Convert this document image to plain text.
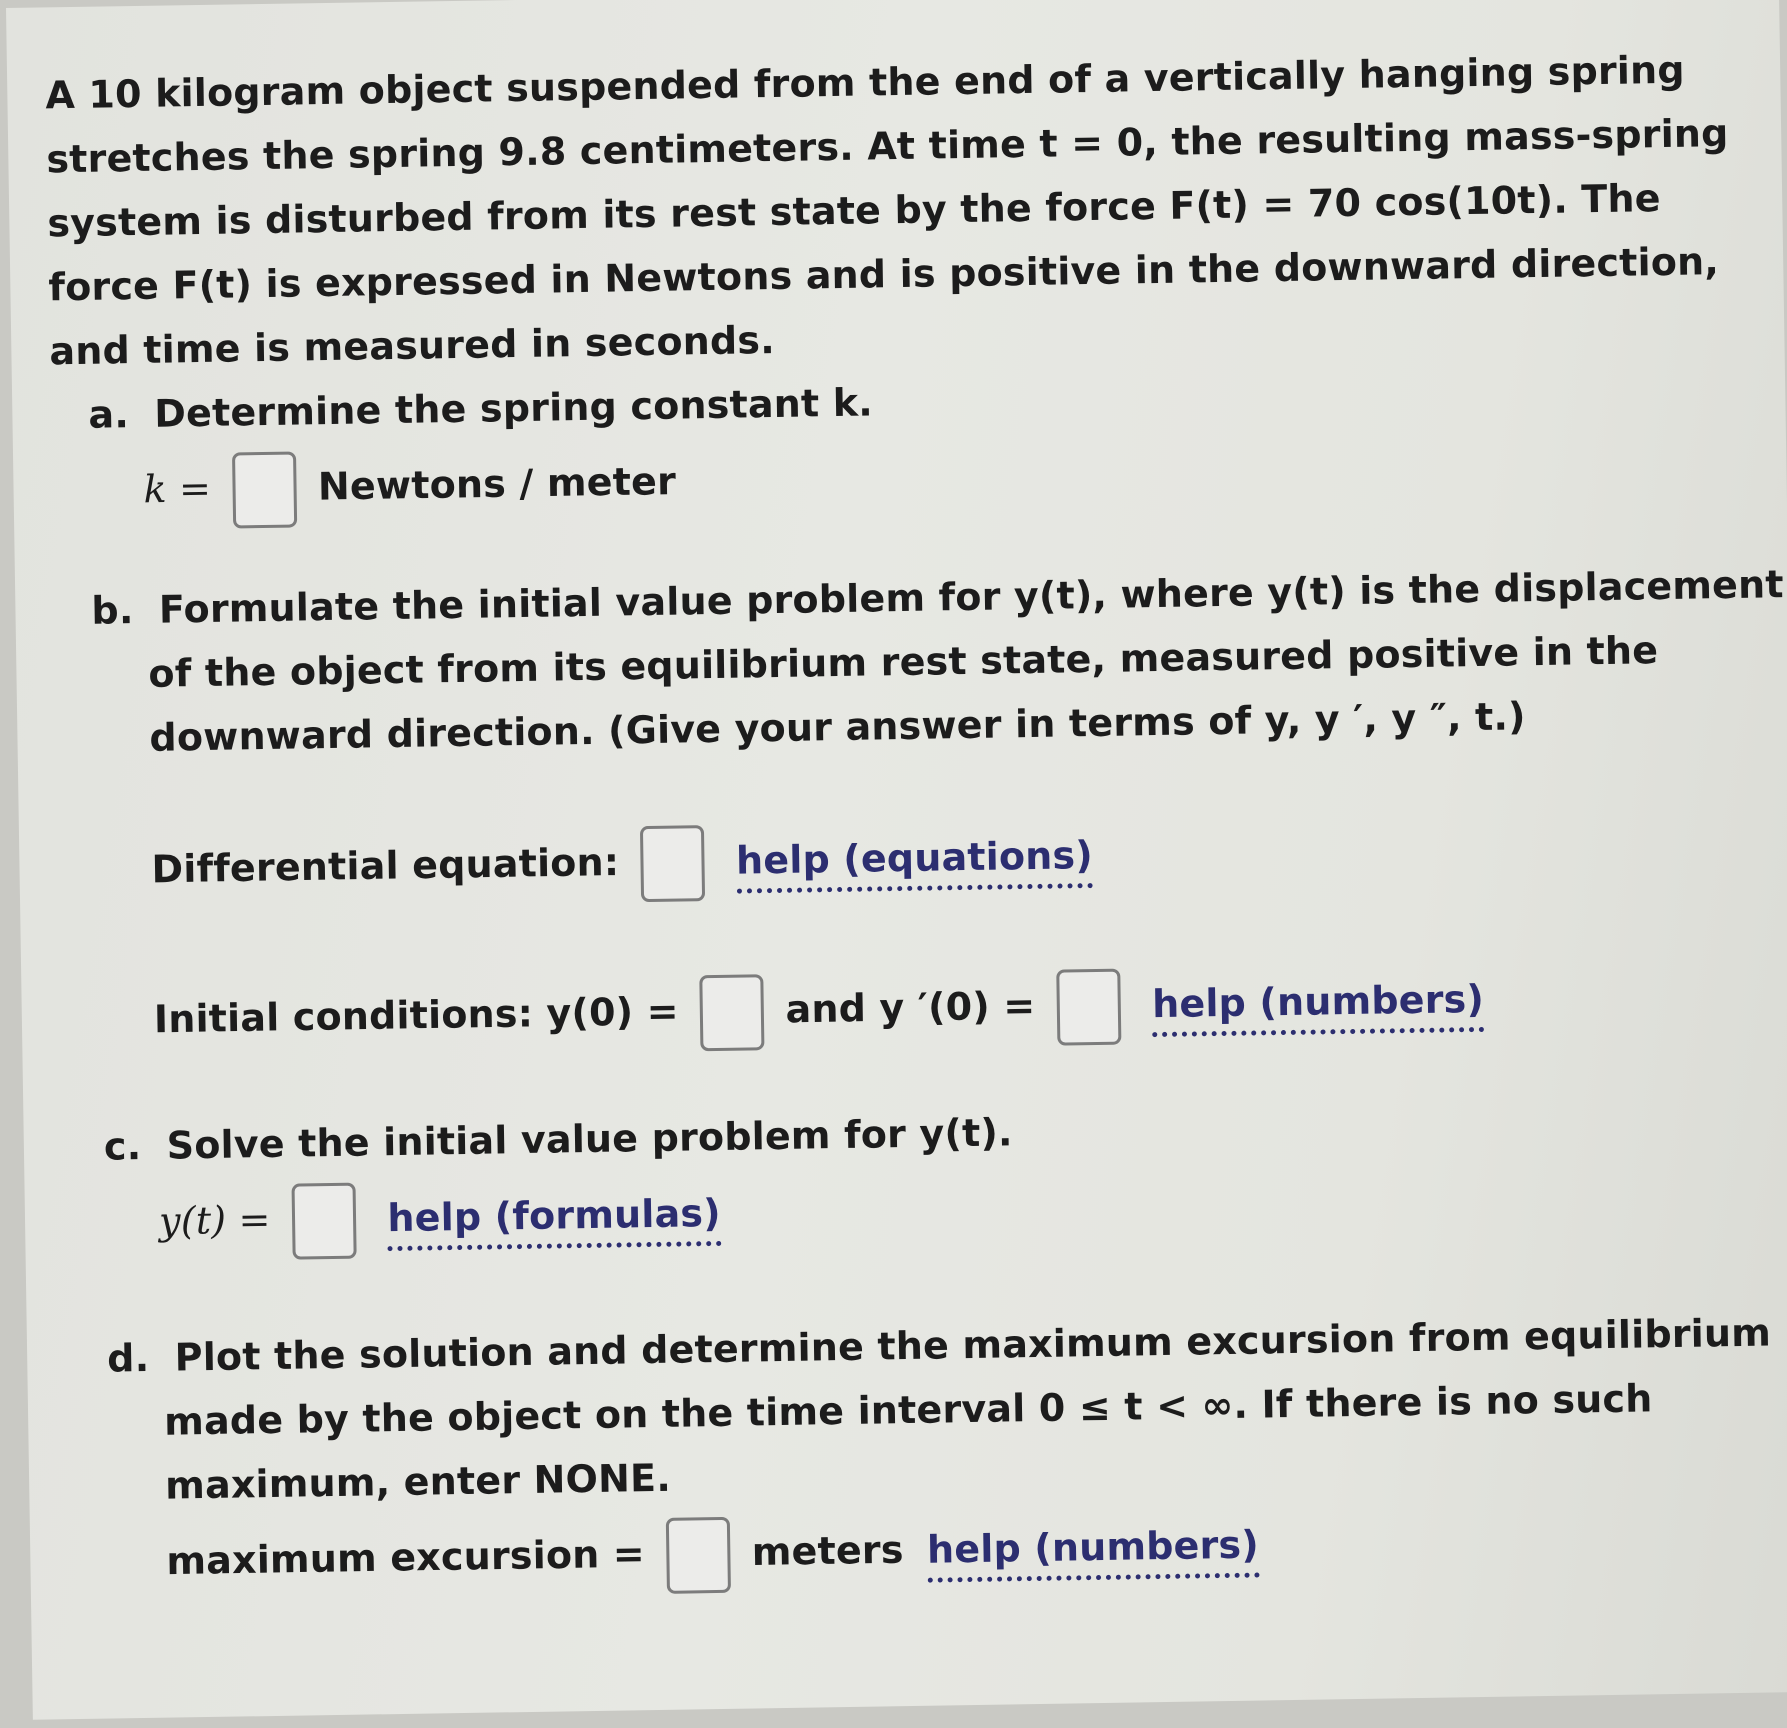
A 10 kilogram object suspended from the end of a vertically hanging spring

stretches the spring 9.8 centimeters. At time t = 0, the resulting mass-spring

system is disturbed from its rest state by the force F(t) = 70 cos(10t). The

force F(t) is expressed in Newtons and is positive in the downward direction,

and time is measured in seconds.

a. Determine the spring constant k.

k =	Newtons / meter

b. Formulate the initial value problem for y(t), where y(t) is the displacement

of the object from its equilibrium rest state, measured positive in the

downward direction. (Give your answer in terms of y, y ′, y ″, t.)

Differential equation:	help (equations)

Initial conditions: y(0) =	and y ′(0) =	help (numbers)

c. Solve the initial value problem for y(t).

y(t) =	help (formulas)

d. Plot the solution and determine the maximum excursion from equilibrium

made by the object on the time interval 0 ≤ t < ∞. If there is no such

maximum, enter NONE.

maximum excursion =	meters help (numbers)
